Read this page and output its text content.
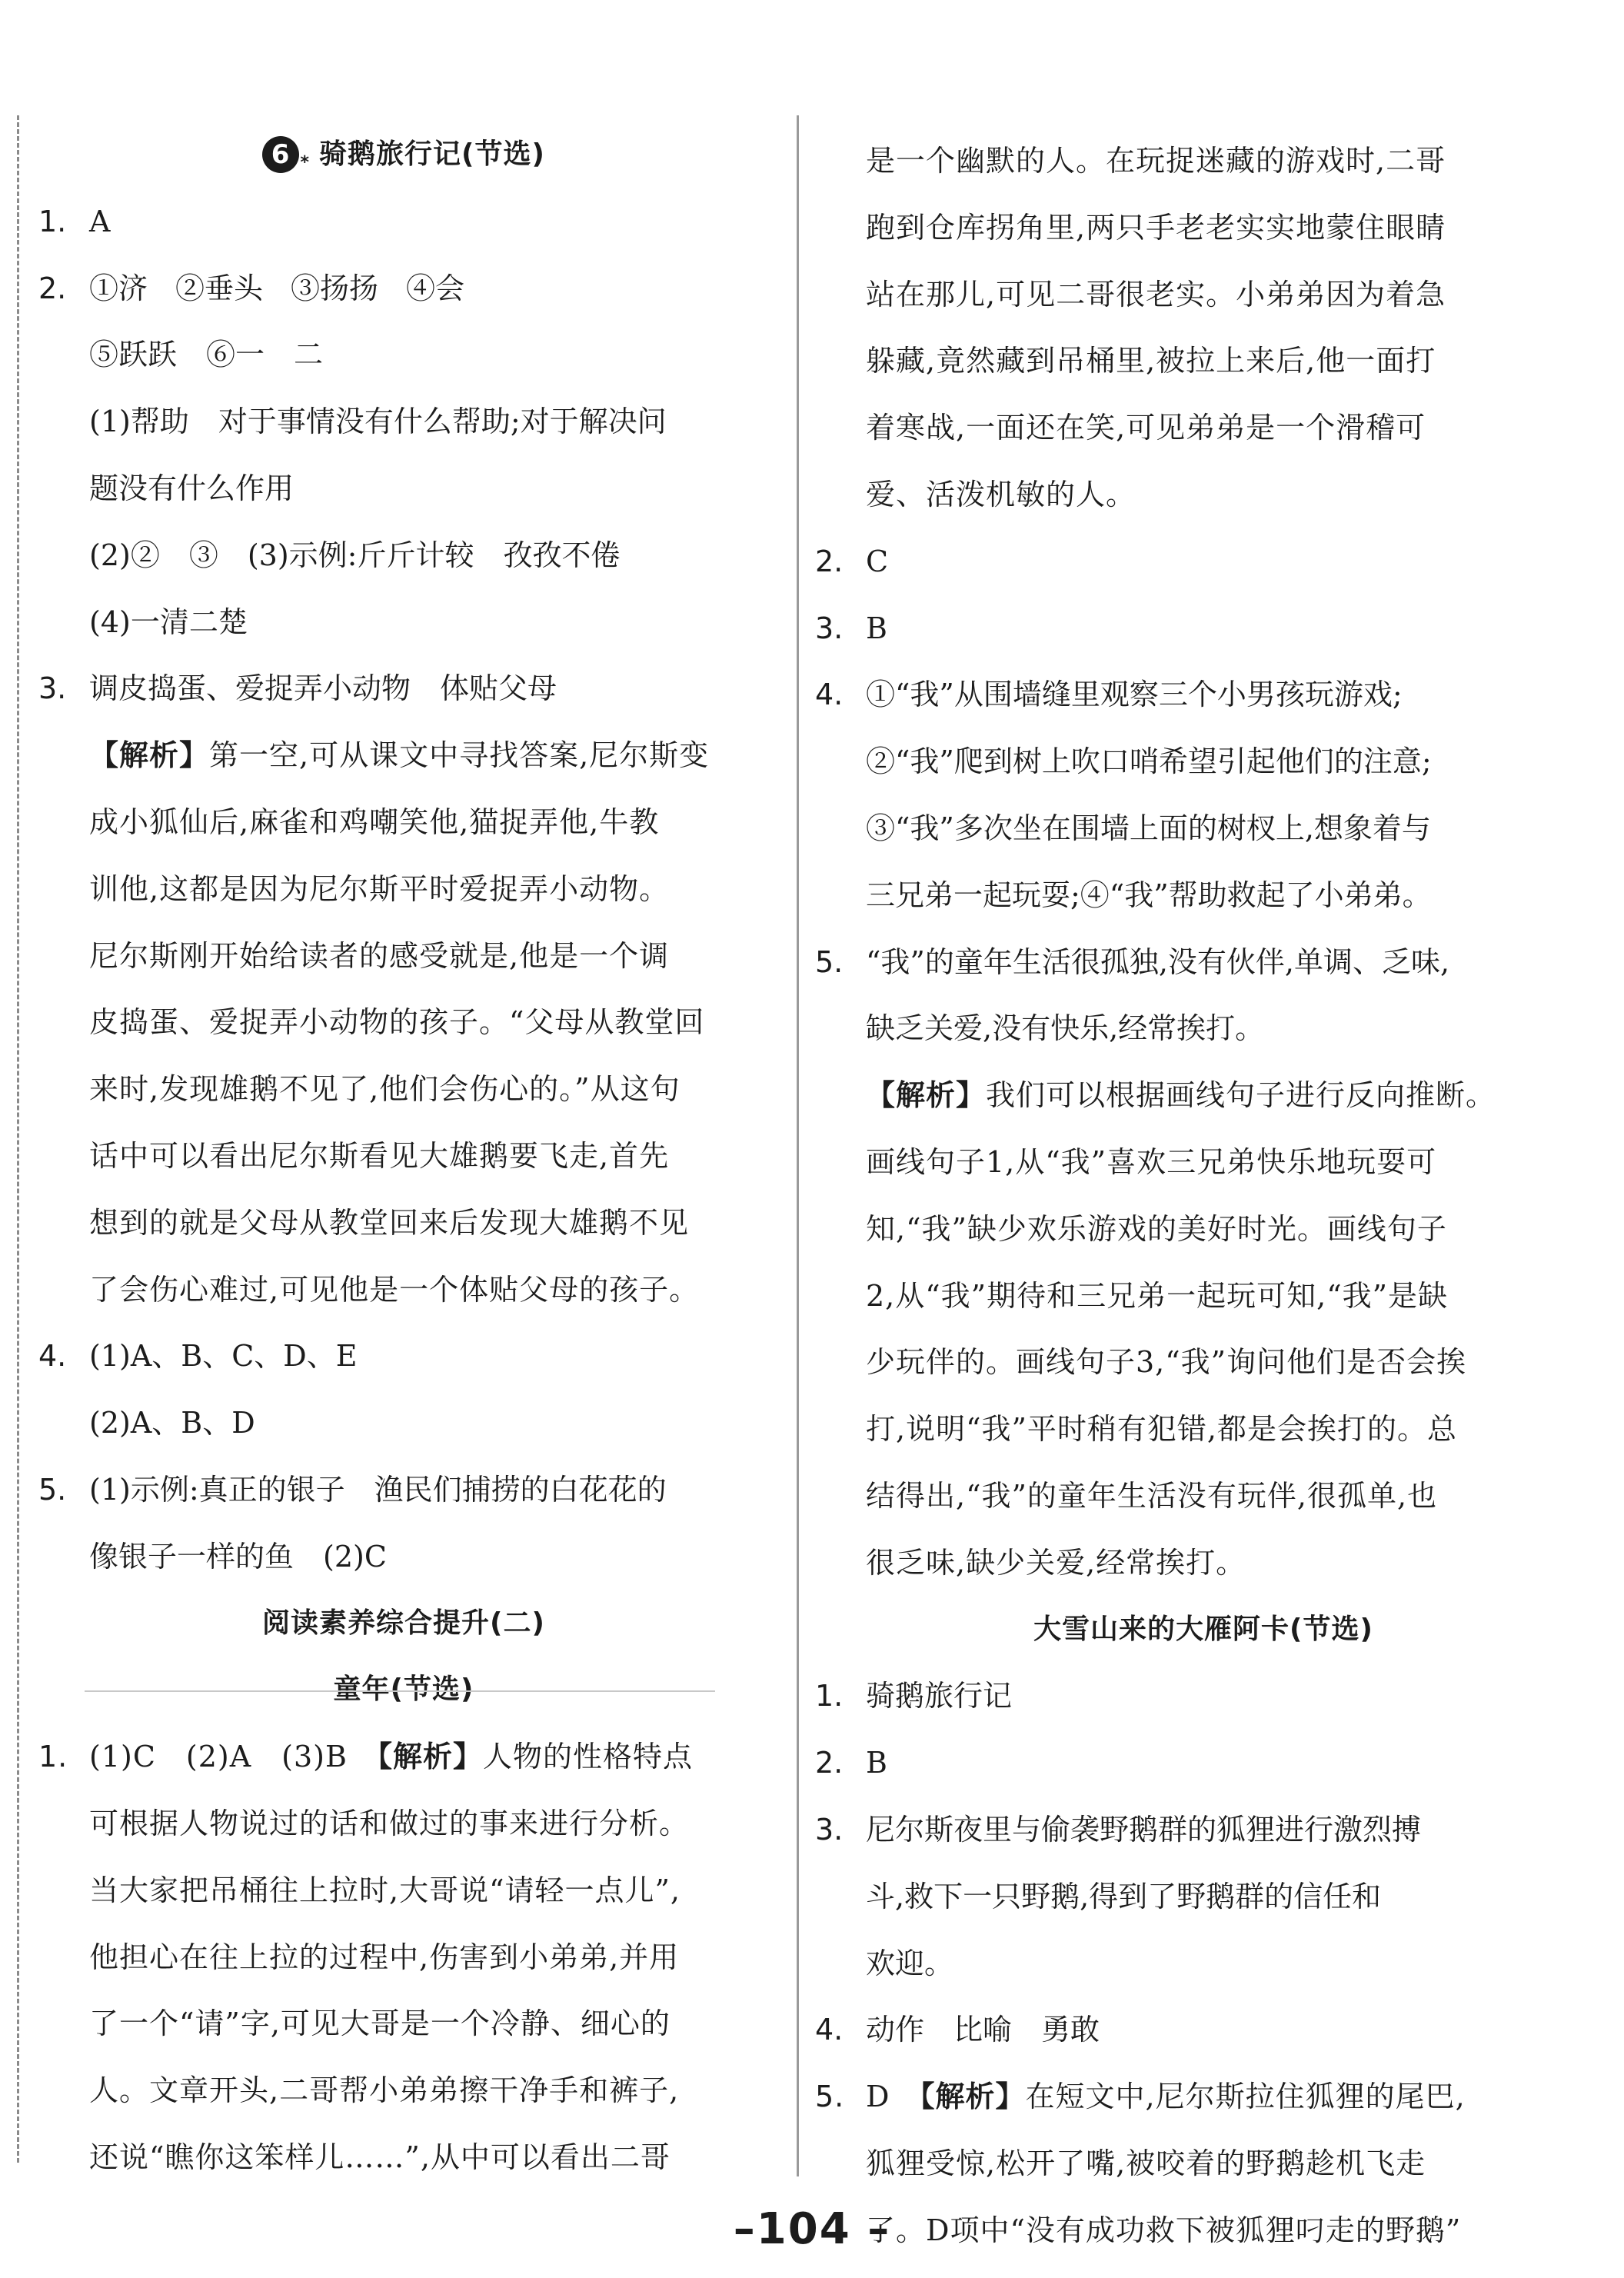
6 * 骑鹅旅行记(节选)
1. A
2. ①济 ②垂头 ③扬扬 ④会
⑤跃跃　⑥一　二
(1)帮助　对于事情没有什么帮助;对于解决问
题没有什么作用
(2)②　③　(3)示例:斤斤计较　孜孜不倦
(4)一清二楚
3. 调皮捣蛋、爱捉弄小动物　体贴父母
【解析】第一空,可从课文中寻找答案,尼尔斯变
成小狐仙后,麻雀和鸡嘲笑他,猫捉弄他,牛教
训他,这都是因为尼尔斯平时爱捉弄小动物。
尼尔斯刚开始给读者的感受就是,他是一个调
皮捣蛋、爱捉弄小动物的孩子。“父母从教堂回
来时,发现雄鹅不见了,他们会伤心的。”从这句
话中可以看出尼尔斯看见大雄鹅要飞走,首先
想到的就是父母从教堂回来后发现大雄鹅不见
了会伤心难过,可见他是一个体贴父母的孩子。
4. (1)A、B、C、D、E
(2)A、B、D
5. (1)示例:真正的银子　渔民们捕捞的白花花的
像银子一样的鱼　(2)C
阅读素养综合提升(二)
童年(节选)
1. (1)C　(2)A　(3)B　【解析】人物的性格特点
可根据人物说过的话和做过的事来进行分析。
当大家把吊桶往上拉时,大哥说“请轻一点儿”,
他担心在往上拉的过程中,伤害到小弟弟,并用
了一个“请”字,可见大哥是一个冷静、细心的
人。文章开头,二哥帮小弟弟擦干净手和裤子,
还说“瞧你这笨样儿……”,从中可以看出二哥
是一个幽默的人。在玩捉迷藏的游戏时,二哥
跑到仓库拐角里,两只手老老实实地蒙住眼睛
站在那儿,可见二哥很老实。小弟弟因为着急
躲藏,竟然藏到吊桶里,被拉上来后,他一面打
着寒战,一面还在笑,可见弟弟是一个滑稽可
爱、活泼机敏的人。
2. C
3. B
4. ①“我”从围墙缝里观察三个小男孩玩游戏;
②“我”爬到树上吹口哨希望引起他们的注意;
③“我”多次坐在围墙上面的树杈上,想象着与
三兄弟一起玩耍;④“我”帮助救起了小弟弟。
5. “我”的童年生活很孤独,没有伙伴,单调、乏味,
缺乏关爱,没有快乐,经常挨打。
【解析】我们可以根据画线句子进行反向推断。
画线句子1,从“我”喜欢三兄弟快乐地玩耍可
知,“我”缺少欢乐游戏的美好时光。画线句子
2,从“我”期待和三兄弟一起玩可知,“我”是缺
少玩伴的。画线句子3,“我”询问他们是否会挨
打,说明“我”平时稍有犯错,都是会挨打的。总
结得出,“我”的童年生活没有玩伴,很孤单,也
很乏味,缺少关爱,经常挨打。
大雪山来的大雁阿卡(节选)
1. 骑鹅旅行记
2. B
3. 尼尔斯夜里与偷袭野鹅群的狐狸进行激烈搏
斗,救下一只野鹅,得到了野鹅群的信任和
欢迎。
4. 动作　比喻　勇敢
5. D　【解析】在短文中,尼尔斯拉住狐狸的尾巴,
狐狸受惊,松开了嘴,被咬着的野鹅趁机飞走
了。D项中“没有成功救下被狐狸叼走的野鹅”
–104 –
